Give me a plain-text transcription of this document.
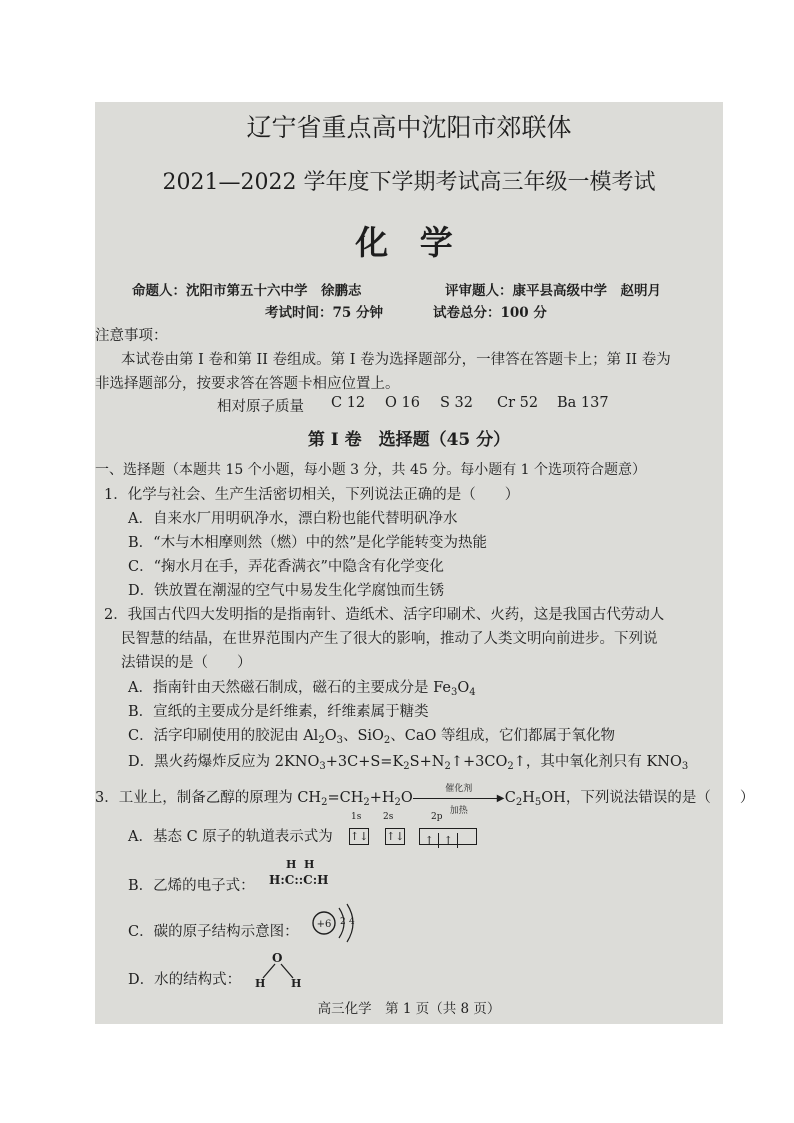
辽宁省重点高中沈阳市郊联体
2021—2022 学年度下学期考试高三年级一模考试
化 学
命题人：沈阳市第五十六中学　徐鹏志	评审题人：康平县高级中学　赵明月
考试时间：75 分钟	试卷总分：100 分
注意事项：
本试卷由第 I 卷和第 II 卷组成。第 I 卷为选择题部分，一律答在答题卡上；第 II 卷为
非选择题部分，按要求答在答题卡相应位置上。
相对原子质量 C 12 O 16 S 32 Cr 52 Ba 137
第 I 卷　选择题（45 分）
一、选择题（本题共 15 个小题，每小题 3 分，共 45 分。每小题有 1 个选项符合题意）
1．化学与社会、生产生活密切相关，下列说法正确的是（　　）
A．自来水厂用明矾净水，漂白粉也能代替明矾净水
B．“木与木相摩则然（燃）中的然”是化学能转变为热能
C．“掬水月在手，弄花香满衣”中隐含有化学变化
D．铁放置在潮湿的空气中易发生化学腐蚀而生锈
2．我国古代四大发明指的是指南针、造纸术、活字印刷术、火药，这是我国古代劳动人
民智慧的结晶，在世界范围内产生了很大的影响，推动了人类文明向前进步。下列说
法错误的是（　　）
A．指南针由天然磁石制成，磁石的主要成分是 $Fe_3O_4$
B．宣纸的主要成分是纤维素，纤维素属于糖类
C．活字印刷使用的胶泥由 $Al_2O_3$、SiO$_2$、CaO 等组成，它们都属于氧化物
D．黑火药爆炸反应为 $2KNO_3+3C+S=K_2S+N_2↑+3CO_2↑$，其中氧化剂只有 $KNO_3$
3．工业上，制备乙醇的原理为 $CH_2=CH_2+H_2O$
催化剂
▶
加热
$C_2H_5OH$，下列说法错误的是（　　）
A．基态 C 原子的轨道表示式为
1s 2s	2p
↑↓ ↑↓ ↑ ↑
B．乙烯的电子式：
H  H
H:C::C:H
C．碳的原子结构示意图： +6 2 4
D．水的结构式：
O
H H
高三化学　第 1 页（共 8 页）
